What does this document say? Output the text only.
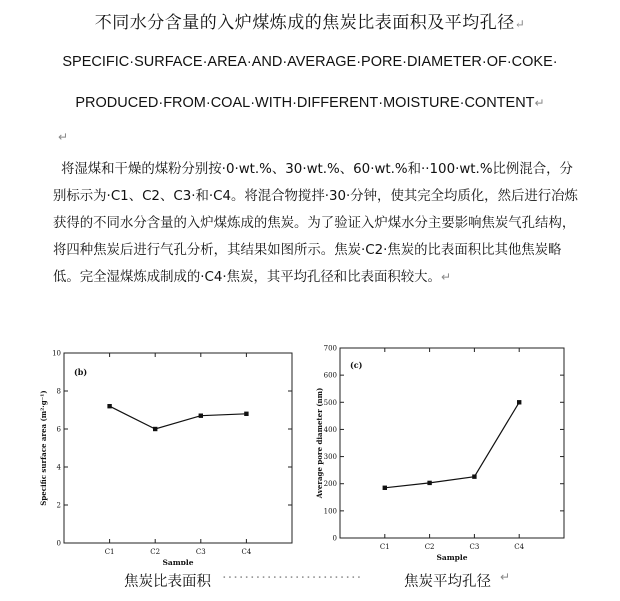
不同水分含量的入炉煤炼成的焦炭比表面积及平均孔径↵
SPECIFIC·SURFACE·AREA·AND·AVERAGE·PORE·DIAMETER·OF·COKE·
PRODUCED·FROM·COAL·WITH·DIFFERENT·MOISTURE·CONTENT↵
↵

将湿煤和干燥的煤粉分别按·0·wt.%、30·wt.%、60·wt.%和··100·wt.%比例混合，分别标示为·C1、C2、C3·和·C4。将混合物搅拌·30·分钟，使其完全均质化，然后进行冶炼获得的不同水分含量的入炉煤炼成的焦炭。为了验证入炉煤水分主要影响焦炭气孔结构，将四种焦炭后进行气孔分析，其结果如图所示。焦炭·C2·焦炭的比表面积比其他焦炭略低。完全湿煤炼成制成的·C4·焦炭，其平均孔径和比表面积较大。↵

(b)
0
2
4
6
8
10
C1	C2	C3	C4
Sample
Specific surface area (m²·g⁻¹)
(c)
0
100
200
300
400
500
600
700
C1	C2	C3	C4
Sample
Average pore diameter (nm)
焦炭比表面积 ·························	焦炭平均孔径 ↵
